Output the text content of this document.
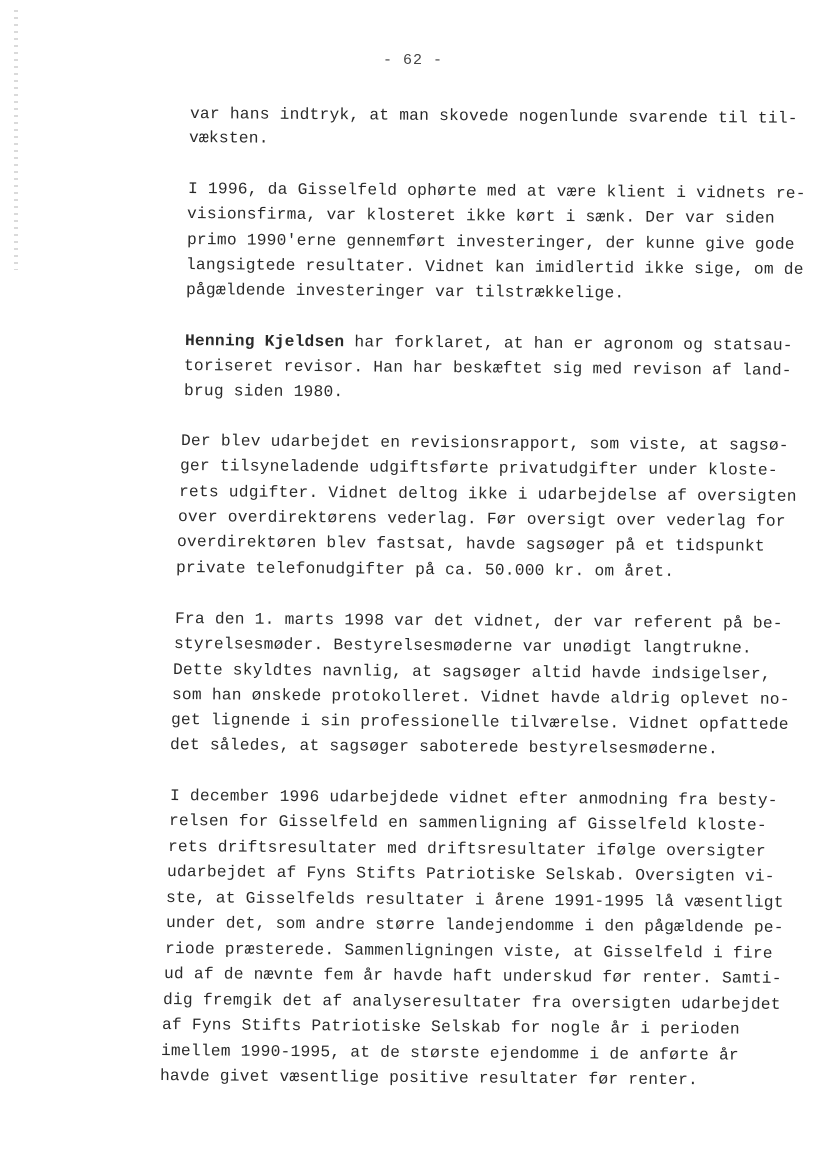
- 62 -
var hans indtryk, at man skovede nogenlunde svarende til til-
væksten.
I 1996, da Gisselfeld ophørte med at være klient i vidnets re-
visionsfirma, var klosteret ikke kørt i sænk. Der var siden
primo 1990'erne gennemført investeringer, der kunne give gode
langsigtede resultater. Vidnet kan imidlertid ikke sige, om de
pågældende investeringer var tilstrækkelige.
Henning Kjeldsen har forklaret, at han er agronom og statsau-
toriseret revisor. Han har beskæftet sig med revison af land-
brug siden 1980.
Der blev udarbejdet en revisionsrapport, som viste, at sagsø-
ger tilsyneladende udgiftsførte privatudgifter under kloste-
rets udgifter. Vidnet deltog ikke i udarbejdelse af oversigten
over overdirektørens vederlag. Før oversigt over vederlag for
overdirektøren blev fastsat, havde sagsøger på et tidspunkt
private telefonudgifter på ca. 50.000 kr. om året.
Fra den 1. marts 1998 var det vidnet, der var referent på be-
styrelsesmøder. Bestyrelsesmøderne var unødigt langtrukne.
Dette skyldtes navnlig, at sagsøger altid havde indsigelser,
som han ønskede protokolleret. Vidnet havde aldrig oplevet no-
get lignende i sin professionelle tilværelse. Vidnet opfattede
det således, at sagsøger saboterede bestyrelsesmøderne.
I december 1996 udarbejdede vidnet efter anmodning fra besty-
relsen for Gisselfeld en sammenligning af Gisselfeld kloste-
rets driftsresultater med driftsresultater ifølge oversigter
udarbejdet af Fyns Stifts Patriotiske Selskab. Oversigten vi-
ste, at Gisselfelds resultater i årene 1991-1995 lå væsentligt
under det, som andre større landejendomme i den pågældende pe-
riode præsterede. Sammenligningen viste, at Gisselfeld i fire
ud af de nævnte fem år havde haft underskud før renter. Samti-
dig fremgik det af analyseresultater fra oversigten udarbejdet
af Fyns Stifts Patriotiske Selskab for nogle år i perioden
imellem 1990-1995, at de største ejendomme i de anførte år
havde givet væsentlige positive resultater før renter.
